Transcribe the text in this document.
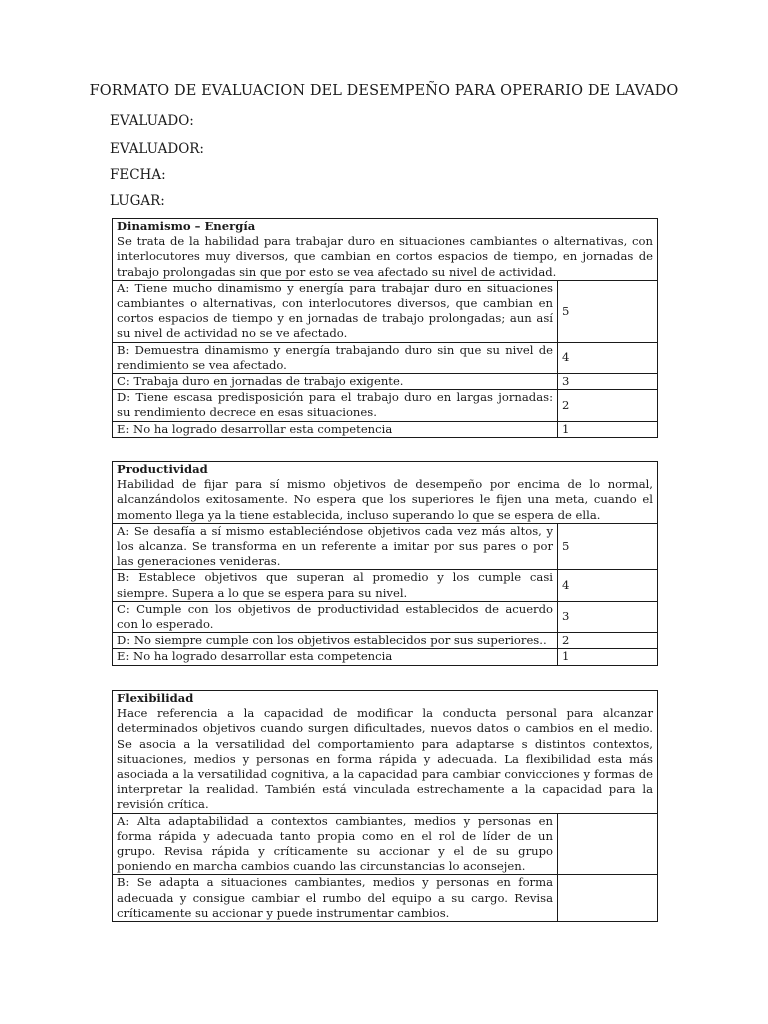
FORMATO DE EVALUACION DEL DESEMPEÑO PARA OPERARIO DE LAVADO
EVALUADO:
EVALUADOR:
FECHA:
LUGAR:
Dinamismo – Energía
Se trata de la habilidad para trabajar duro en situaciones cambiantes o alternativas, con interlocutores muy diversos, que cambian en cortos espacios de tiempo, en jornadas de trabajo prolongadas sin que por esto se vea afectado su nivel de actividad.	

A: Tiene mucho dinamismo y energía para trabajar duro en situaciones cambiantes o alternativas, con interlocutores diversos, que cambian en cortos espacios de tiempo y en jornadas de trabajo prolongadas; aun así su nivel de actividad no se ve afectado.	5
B: Demuestra dinamismo y energía trabajando duro sin que su nivel de rendimiento se vea afectado.	4
C: Trabaja duro en jornadas de trabajo exigente.	3
D: Tiene escasa predisposición para el trabajo duro en largas jornadas: su rendimiento decrece en esas situaciones.	2
E: No ha logrado desarrollar esta competencia	1
Productividad
Habilidad de fijar para sí mismo objetivos de desempeño por encima de lo normal, alcanzándolos exitosamente. No espera que los superiores le fijen una meta, cuando el momento llega ya la tiene establecida, incluso superando lo que se espera de ella.	

A: Se desafía a sí mismo estableciéndose objetivos cada vez más altos, y los alcanza. Se transforma en un referente a imitar por sus pares o por las generaciones venideras.	5
B: Establece objetivos que superan al promedio y los cumple casi siempre. Supera a lo que se espera para su nivel.	4
C: Cumple con los objetivos de productividad establecidos de acuerdo con lo esperado.	3
D: No siempre cumple con los objetivos establecidos por sus superiores..	2
E: No ha logrado desarrollar esta competencia	1
Flexibilidad
Hace referencia a la capacidad de modificar la conducta personal para alcanzar determinados objetivos cuando surgen dificultades, nuevos datos o cambios en el medio. Se asocia a la versatilidad del comportamiento para adaptarse s distintos contextos, situaciones, medios y personas en forma rápida y adecuada. La flexibilidad esta más asociada a la versatilidad cognitiva, a la capacidad para cambiar convicciones y formas de interpretar la realidad. También está vinculada estrechamente a la capacidad para la revisión crítica.	

A: Alta adaptabilidad a contextos cambiantes, medios y personas en forma rápida y adecuada tanto propia como en el rol de líder de un grupo. Revisa rápida y críticamente su accionar y el de su grupo poniendo en marcha cambios cuando las circunstancias lo aconsejen.	
B: Se adapta a situaciones cambiantes, medios y personas en forma adecuada y consigue cambiar el rumbo del equipo a su cargo. Revisa críticamente su accionar y puede instrumentar cambios.	
